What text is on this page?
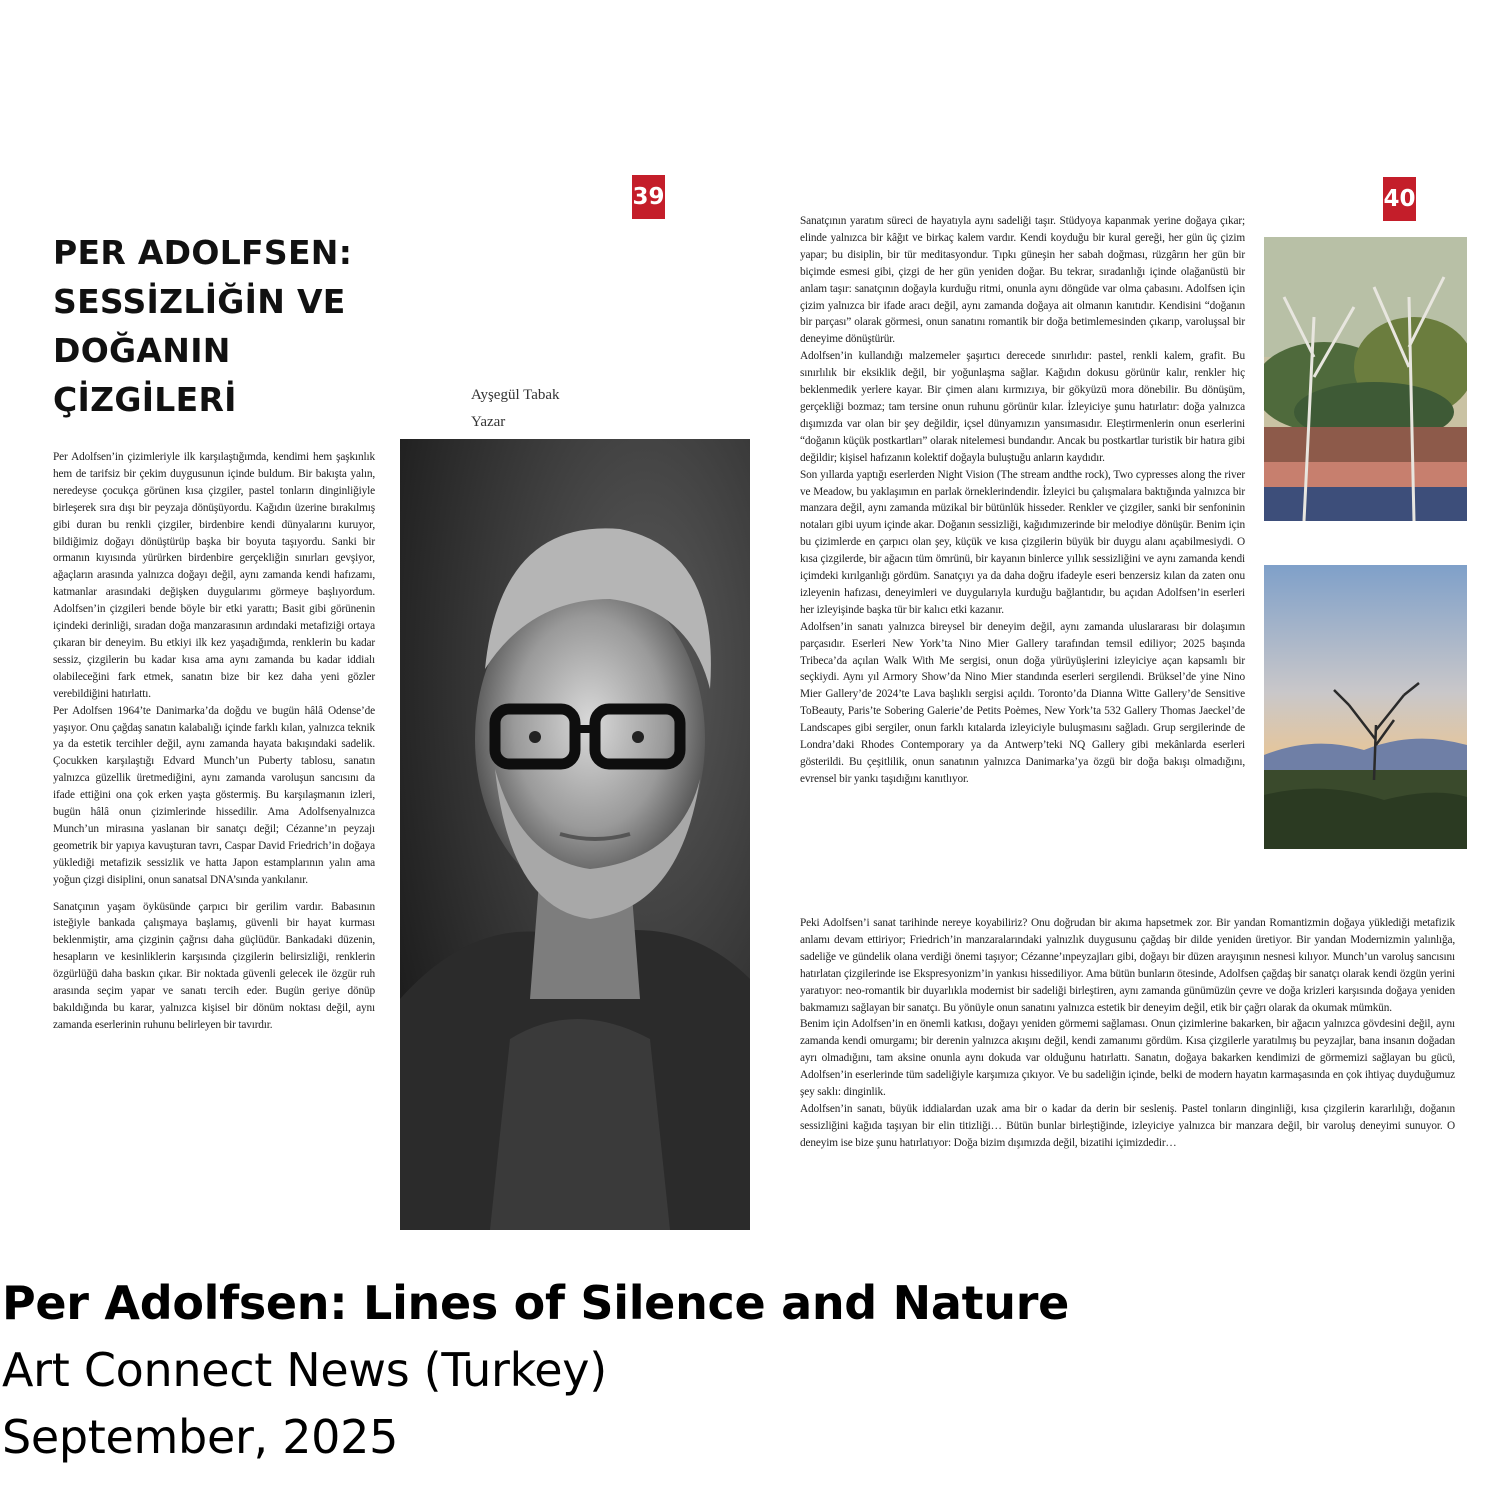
39	40
PER ADOLFSEN:
SESSİZLİĞİN VE
DOĞANIN
ÇİZGİLERİ	Ayşegül Tabak
Yazar

Per Adolfsen’in çizimleriyle ilk karşılaştığımda, kendimi hem şaşkınlık hem de tarifsiz bir çekim duygusunun içinde buldum. Bir bakışta yalın, neredeyse çocukça görünen kısa çizgiler, pastel tonların dinginliğiyle birleşerek sıra dışı bir peyzaja dönüşüyordu. Kağıdın üzerine bırakılmış gibi duran bu renkli çizgiler, birdenbire kendi dünyalarını kuruyor, bildiğimiz doğayı dönüştürüp başka bir boyuta taşıyordu. Sanki bir ormanın kıyısında yürürken birdenbire gerçekliğin sınırları gevşiyor, ağaçların arasında yalnızca doğayı değil, aynı zamanda kendi hafızamı, katmanlar arasındaki değişken duygularımı görmeye başlıyordum. Adolfsen’in çizgileri bende böyle bir etki yarattı; Basit gibi görünenin içindeki derinliği, sıradan doğa manzarasının ardındaki metafiziği ortaya çıkaran bir deneyim. Bu etkiyi ilk kez yaşadığımda, renklerin bu kadar sessiz, çizgilerin bu kadar kısa ama aynı zamanda bu kadar iddialı olabileceğini fark etmek, sanatın bize bir kez daha yeni gözler verebildiğini hatırlattı.

Per Adolfsen 1964’te Danimarka’da doğdu ve bugün hâlâ Odense’de yaşıyor. Onu çağdaş sanatın kalabalığı içinde farklı kılan, yalnızca teknik ya da estetik tercihler değil, aynı zamanda hayata bakışındaki sadelik. Çocukken karşılaştığı Edvard Munch’un Puberty tablosu, sanatın yalnızca güzellik üretmediğini, aynı zamanda varoluşun sancısını da ifade ettiğini ona çok erken yaşta göstermiş. Bu karşılaşmanın izleri, bugün hâlâ onun çizimlerinde hissedilir. Ama Adolfsenyalnızca Munch’un mirasına yaslanan bir sanatçı değil; Cézanne’ın peyzajı geometrik bir yapıya kavuşturan tavrı, Caspar David Friedrich’in doğaya yüklediği metafizik sessizlik ve hatta Japon estamplarının yalın ama yoğun çizgi disiplini, onun sanatsal DNA’sında yankılanır.

Sanatçının yaşam öyküsünde çarpıcı bir gerilim vardır. Babasının isteğiyle bankada çalışmaya başlamış, güvenli bir hayat kurması beklenmiştir, ama çizginin çağrısı daha güçlüdür. Bankadaki düzenin, hesapların ve kesinliklerin karşısında çizgilerin belirsizliği, renklerin özgürlüğü daha baskın çıkar. Bir noktada güvenli gelecek ile özgür ruh arasında seçim yapar ve sanatı tercih eder. Bugün geriye dönüp bakıldığında bu karar, yalnızca kişisel bir dönüm noktası değil, aynı zamanda eserlerinin ruhunu belirleyen bir tavırdır.

Sanatçının yaratım süreci de hayatıyla aynı sadeliği taşır. Stüdyoya kapanmak yerine doğaya çıkar; elinde yalnızca bir kâğıt ve birkaç kalem vardır. Kendi koyduğu bir kural gereği, her gün üç çizim yapar; bu disiplin, bir tür meditasyondur. Tıpkı güneşin her sabah doğması, rüzgârın her gün bir biçimde esmesi gibi, çizgi de her gün yeniden doğar. Bu tekrar, sıradanlığı içinde olağanüstü bir anlam taşır: sanatçının doğayla kurduğu ritmi, onunla aynı döngüde var olma çabasını. Adolfsen için çizim yalnızca bir ifade aracı değil, aynı zamanda doğaya ait olmanın kanıtıdır. Kendisini “doğanın bir parçası” olarak görmesi, onun sanatını romantik bir doğa betimlemesinden çıkarıp, varoluşsal bir deneyime dönüştürür.

Adolfsen’in kullandığı malzemeler şaşırtıcı derecede sınırlıdır: pastel, renkli kalem, grafit. Bu sınırlılık bir eksiklik değil, bir yoğunlaşma sağlar. Kağıdın dokusu görünür kalır, renkler hiç beklenmedik yerlere kayar. Bir çimen alanı kırmızıya, bir gökyüzü mora dönebilir. Bu dönüşüm, gerçekliği bozmaz; tam tersine onun ruhunu görünür kılar. İzleyiciye şunu hatırlatır: doğa yalnızca dışımızda var olan bir şey değildir, içsel dünyamızın yansımasıdır. Eleştirmenlerin onun eserlerini “doğanın küçük postkartları” olarak nitelemesi bundandır. Ancak bu postkartlar turistik bir hatıra gibi değildir; kişisel hafızanın kolektif doğayla buluştuğu anların kaydıdır.

Son yıllarda yaptığı eserlerden Night Vision (The stream andthe rock), Two cypresses along the river ve Meadow, bu yaklaşımın en parlak örneklerindendir. İzleyici bu çalışmalara baktığında yalnızca bir manzara değil, aynı zamanda müzikal bir bütünlük hisseder. Renkler ve çizgiler, sanki bir senfoninin notaları gibi uyum içinde akar. Doğanın sessizliği, kağıdımızerinde bir melodiye dönüşür. Benim için bu çizimlerde en çarpıcı olan şey, küçük ve kısa çizgilerin büyük bir duygu alanı açabilmesiydi. O kısa çizgilerde, bir ağacın tüm ömrünü, bir kayanın binlerce yıllık sessizliğini ve aynı zamanda kendi içimdeki kırılganlığı gördüm. Sanatçıyı ya da daha doğru ifadeyle eseri benzersiz kılan da zaten onu izleyenin hafızası, deneyimleri ve duygularıyla kurduğu bağlantıdır, bu açıdan Adolfsen’in eserleri her izleyişinde başka tür bir kalıcı etki kazanır.

Adolfsen’in sanatı yalnızca bireysel bir deneyim değil, aynı zamanda uluslararası bir dolaşımın parçasıdır. Eserleri New York’ta Nino Mier Gallery tarafından temsil ediliyor; 2025 başında Tribeca’da açılan Walk With Me sergisi, onun doğa yürüyüşlerini izleyiciye açan kapsamlı bir seçkiydi. Aynı yıl Armory Show’da Nino Mier standında eserleri sergilendi. Brüksel’de yine Nino Mier Gallery’de 2024’te Lava başlıklı sergisi açıldı. Toronto’da Dianna Witte Gallery’de Sensitive ToBeauty, Paris’te Sobering Galerie’de Petits Poèmes, New York’ta 532 Gallery Thomas Jaeckel’de Landscapes gibi sergiler, onun farklı kıtalarda izleyiciyle buluşmasını sağladı. Grup sergilerinde de Londra’daki Rhodes Contemporary ya da Antwerp’teki NQ Gallery gibi mekânlarda eserleri gösterildi. Bu çeşitlilik, onun sanatının yalnızca Danimarka’ya özgü bir doğa bakışı olmadığını, evrensel bir yankı taşıdığını kanıtlıyor.

Peki Adolfsen’i sanat tarihinde nereye koyabiliriz? Onu doğrudan bir akıma hapsetmek zor. Bir yandan Romantizmin doğaya yüklediği metafizik anlamı devam ettiriyor; Friedrich’in manzaralarındaki yalnızlık duygusunu çağdaş bir dilde yeniden üretiyor. Bir yandan Modernizmin yalınlığa, sadeliğe ve gündelik olana verdiği önemi taşıyor; Cézanne’ınpeyzajları gibi, doğayı bir düzen arayışının nesnesi kılıyor. Munch’un varoluş sancısını hatırlatan çizgilerinde ise Ekspresyonizm’in yankısı hissediliyor. Ama bütün bunların ötesinde, Adolfsen çağdaş bir sanatçı olarak kendi özgün yerini yaratıyor: neo-romantik bir duyarlıkla modernist bir sadeliği birleştiren, aynı zamanda günümüzün çevre ve doğa krizleri karşısında doğaya yeniden bakmamızı sağlayan bir sanatçı. Bu yönüyle onun sanatını yalnızca estetik bir deneyim değil, etik bir çağrı olarak da okumak mümkün.

Benim için Adolfsen’in en önemli katkısı, doğayı yeniden görmemi sağlaması. Onun çizimlerine bakarken, bir ağacın yalnızca gövdesini değil, aynı zamanda kendi omurgamı; bir derenin yalnızca akışını değil, kendi zamanımı gördüm. Kısa çizgilerle yaratılmış bu peyzajlar, bana insanın doğadan ayrı olmadığını, tam aksine onunla aynı dokuda var olduğunu hatırlattı. Sanatın, doğaya bakarken kendimizi de görmemizi sağlayan bu gücü, Adolfsen’in eserlerinde tüm sadeliğiyle karşımıza çıkıyor. Ve bu sadeliğin içinde, belki de modern hayatın karmaşasında en çok ihtiyaç duyduğumuz şey saklı: dinginlik.

Adolfsen’in sanatı, büyük iddialardan uzak ama bir o kadar da derin bir sesleniş. Pastel tonların dinginliği, kısa çizgilerin kararlılığı, doğanın sessizliğini kağıda taşıyan bir elin titizliği… Bütün bunlar birleştiğinde, izleyiciye yalnızca bir manzara değil, bir varoluş deneyimi sunuyor. O deneyim ise bize şunu hatırlatıyor: Doğa bizim dışımızda değil, bizatihi içimizdedir…

Per Adolfsen: Lines of Silence and Nature
Art Connect News (Turkey)
September, 2025
